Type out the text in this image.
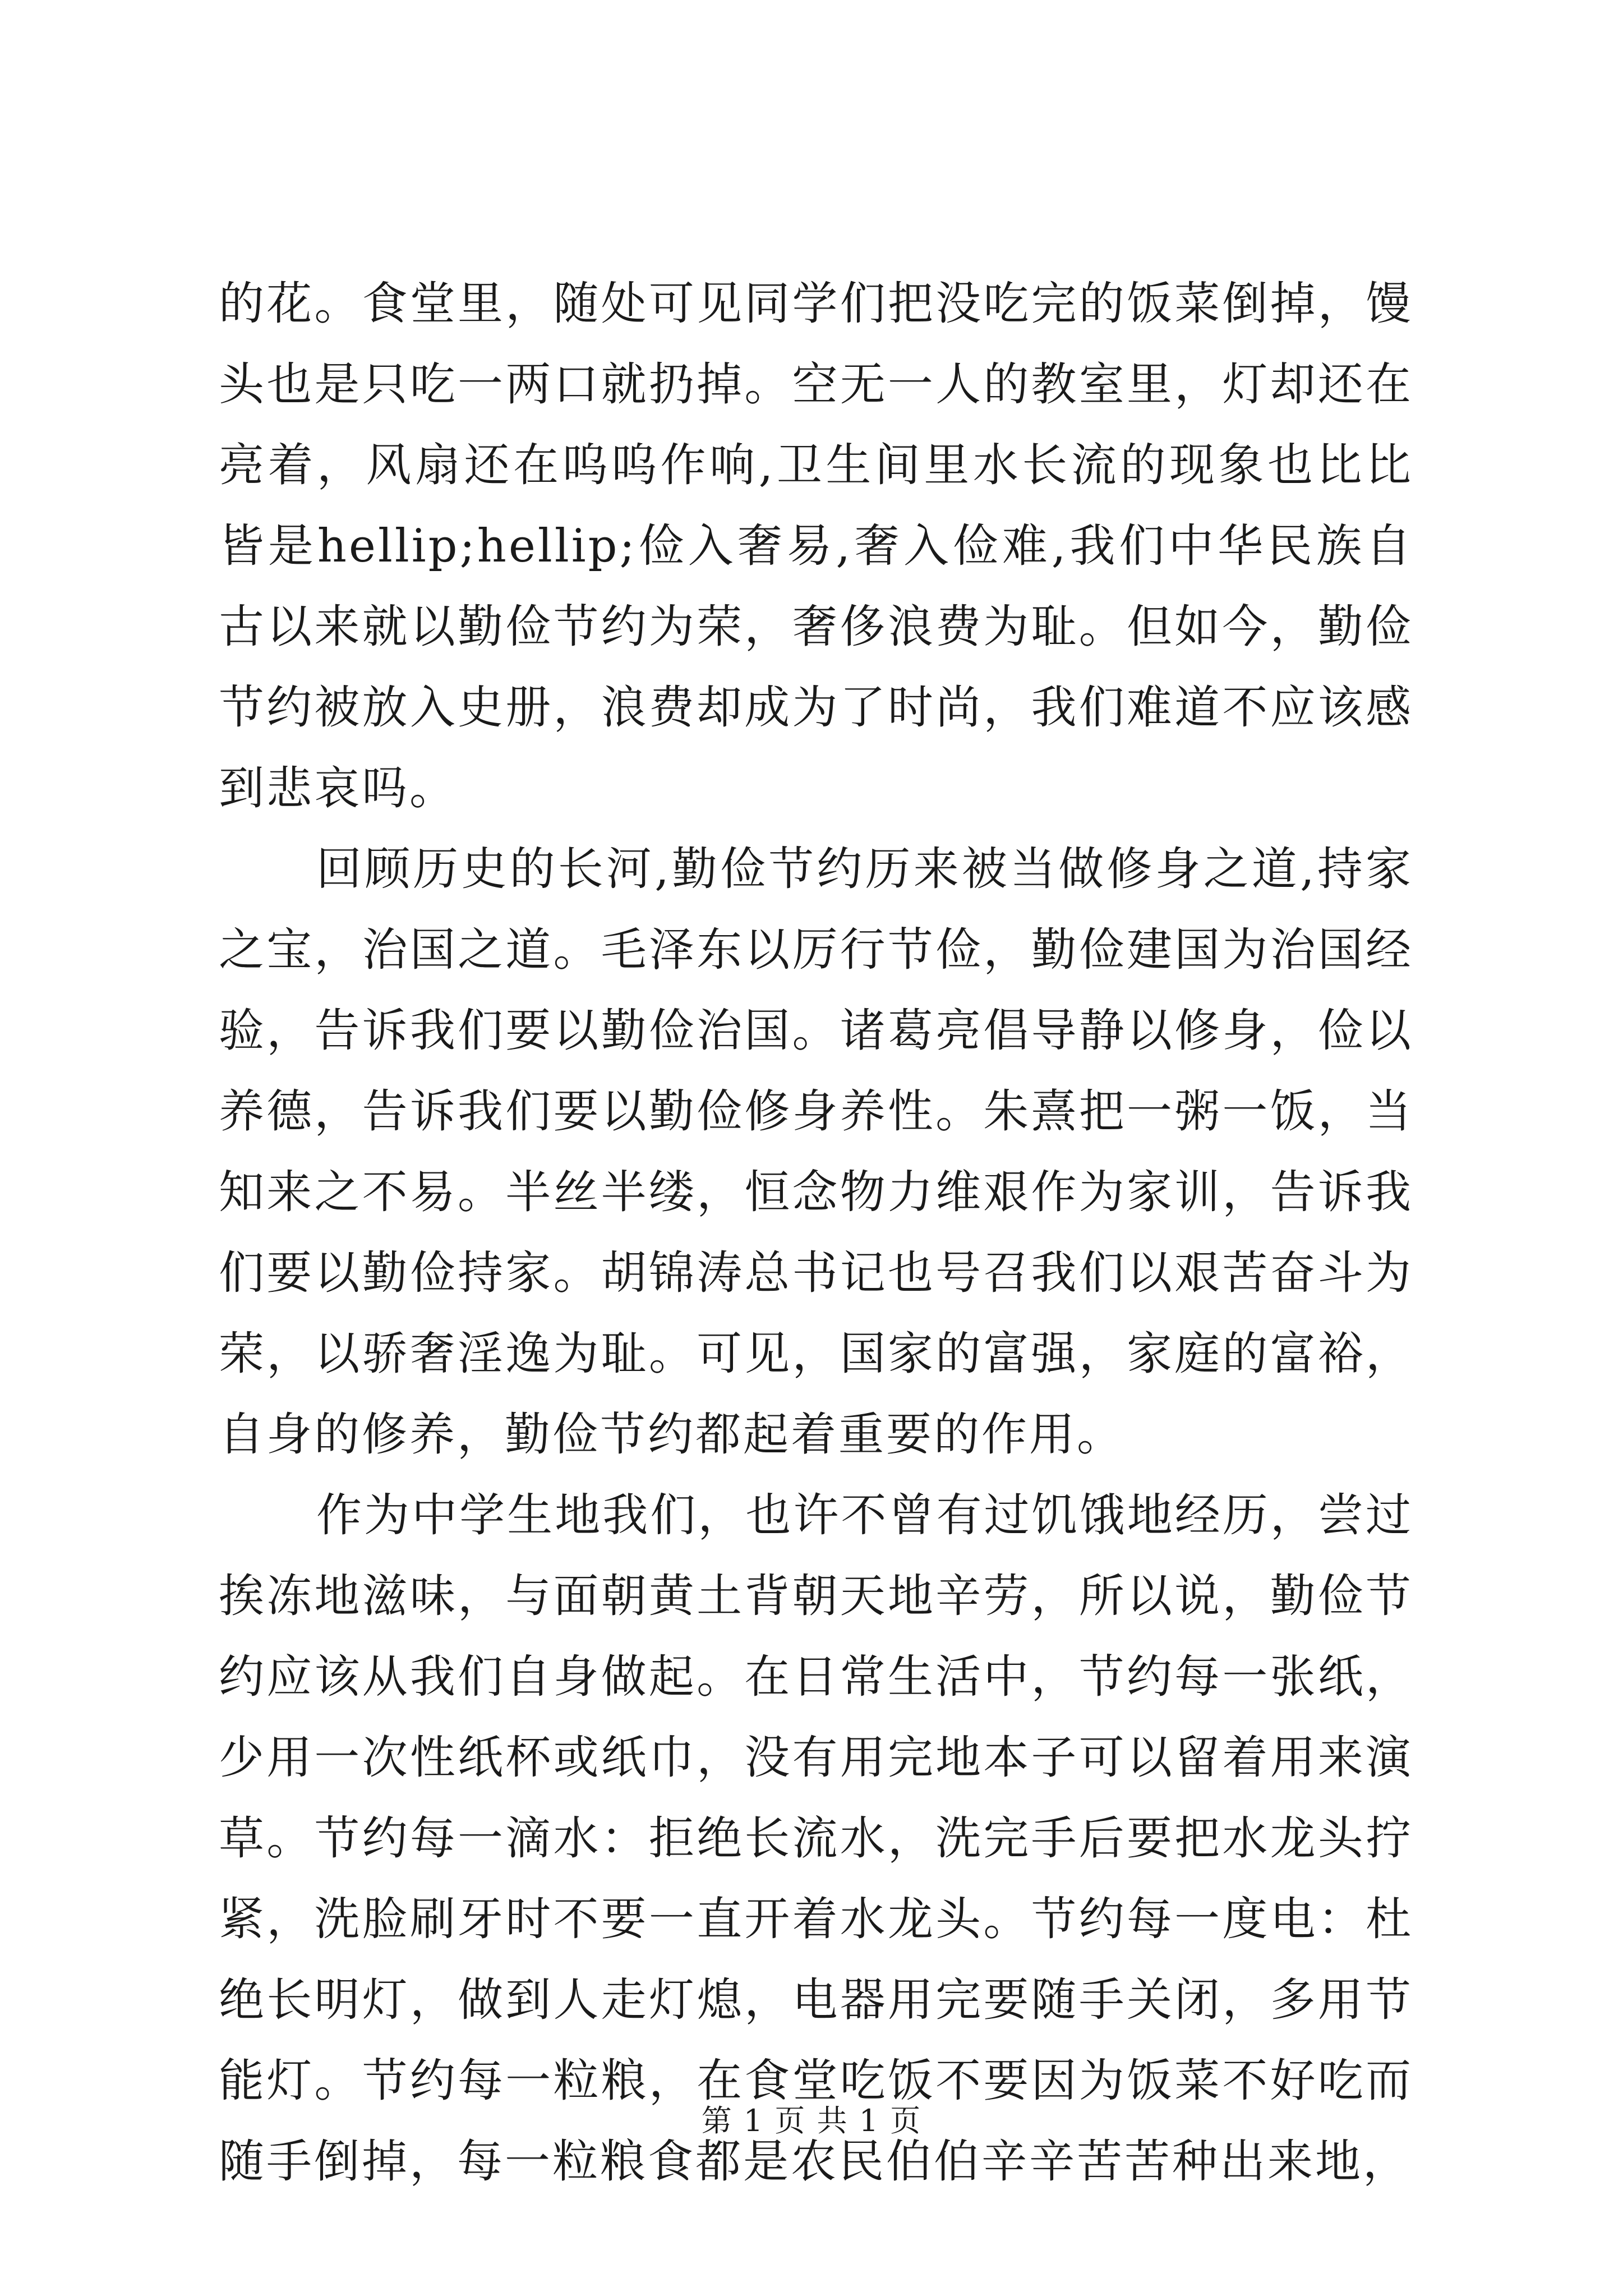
的花。食堂里，随处可见同学们把没吃完的饭菜倒掉，馒头也是只吃一两口就扔掉。空无一人的教室里，灯却还在亮着，风扇还在呜呜作响,卫生间里水长流的现象也比比皆是hellip;hellip;俭入奢易,奢入俭难,我们中华民族自古以来就以勤俭节约为荣，奢侈浪费为耻。但如今，勤俭节约被放入史册，浪费却成为了时尚，我们难道不应该感到悲哀吗。

回顾历史的长河,勤俭节约历来被当做修身之道,持家之宝，治国之道。毛泽东以厉行节俭，勤俭建国为治国经验，告诉我们要以勤俭治国。诸葛亮倡导静以修身，俭以养德，告诉我们要以勤俭修身养性。朱熹把一粥一饭，当知来之不易。半丝半缕，恒念物力维艰作为家训，告诉我们要以勤俭持家。胡锦涛总书记也号召我们以艰苦奋斗为荣，以骄奢淫逸为耻。可见，国家的富强，家庭的富裕，自身的修养，勤俭节约都起着重要的作用。

作为中学生地我们，也许不曾有过饥饿地经历，尝过挨冻地滋味，与面朝黄土背朝天地辛劳，所以说，勤俭节约应该从我们自身做起。在日常生活中，节约每一张纸，少用一次性纸杯或纸巾，没有用完地本子可以留着用来演草。节约每一滴水：拒绝长流水，洗完手后要把水龙头拧紧，洗脸刷牙时不要一直开着水龙头。节约每一度电：杜绝长明灯，做到人走灯熄，电器用完要随手关闭，多用节能灯。节约每一粒粮，在食堂吃饭不要因为饭菜不好吃而随手倒掉，每一粒粮食都是农民伯伯辛辛苦苦种出来地，

第 1 页 共 1 页
